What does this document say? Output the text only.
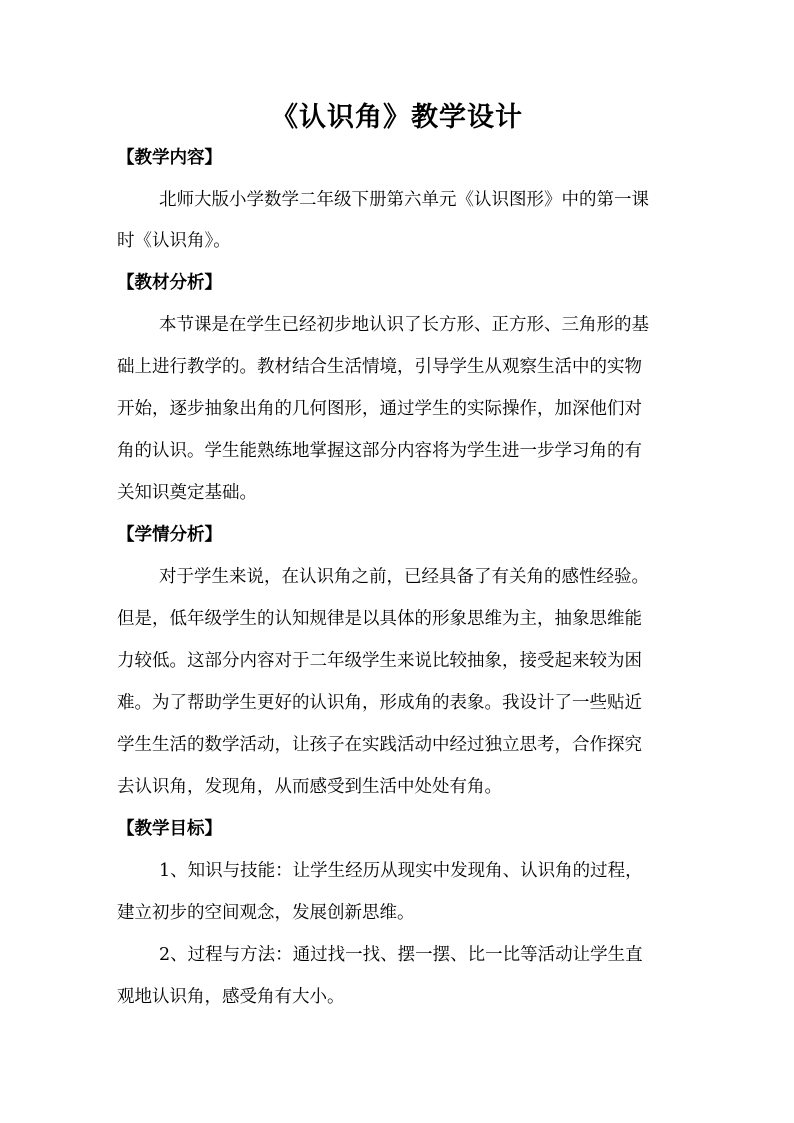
《认识角》教学设计
【教学内容】
北师大版小学数学二年级下册第六单元《认识图形》中的第一课
时《认识角》。
【教材分析】
本节课是在学生已经初步地认识了长方形、正方形、三角形的基
础上进行教学的。教材结合生活情境，引导学生从观察生活中的实物
开始，逐步抽象出角的几何图形，通过学生的实际操作，加深他们对
角的认识。学生能熟练地掌握这部分内容将为学生进一步学习角的有
关知识奠定基础。
【学情分析】
对于学生来说，在认识角之前，已经具备了有关角的感性经验。
但是，低年级学生的认知规律是以具体的形象思维为主，抽象思维能
力较低。这部分内容对于二年级学生来说比较抽象，接受起来较为困
难。为了帮助学生更好的认识角，形成角的表象。我设计了一些贴近
学生生活的数学活动，让孩子在实践活动中经过独立思考，合作探究
去认识角，发现角，从而感受到生活中处处有角。
【教学目标】
1、知识与技能：让学生经历从现实中发现角、认识角的过程，
建立初步的空间观念，发展创新思维。
2、过程与方法：通过找一找、摆一摆、比一比等活动让学生直
观地认识角，感受角有大小。
